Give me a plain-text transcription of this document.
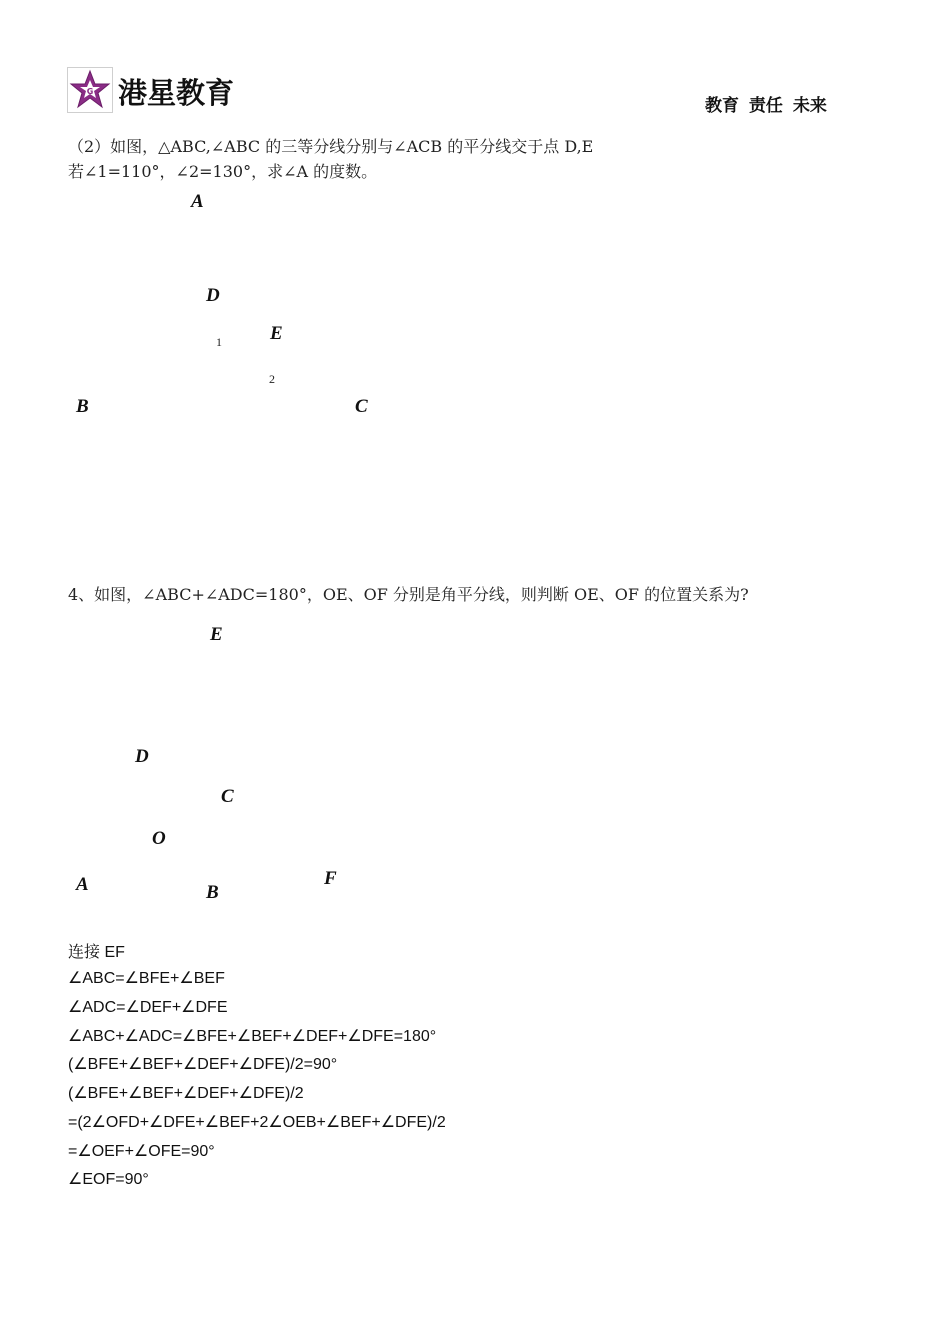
G 港星教育	教育 责任 未来
（2）如图，△ABC,∠ABC 的三等分线分别与∠ACB 的平分线交于点 D,E
若∠1=110°，∠2=130°，求∠A 的度数。
A
D
1	E
2
B	C
4、如图，∠ABC+∠ADC=180°，OE、OF 分别是角平分线，则判断 OE、OF 的位置关系为?
E
D
C
O
A	B
F
连接 EF
∠ABC=∠BFE+∠BEF
∠ADC=∠DEF+∠DFE
∠ABC+∠ADC=∠BFE+∠BEF+∠DEF+∠DFE=180°
(∠BFE+∠BEF+∠DEF+∠DFE)/2=90°
(∠BFE+∠BEF+∠DEF+∠DFE)/2
=(2∠OFD+∠DFE+∠BEF+2∠OEB+∠BEF+∠DFE)/2
=∠OEF+∠OFE=90°
∠EOF=90°
